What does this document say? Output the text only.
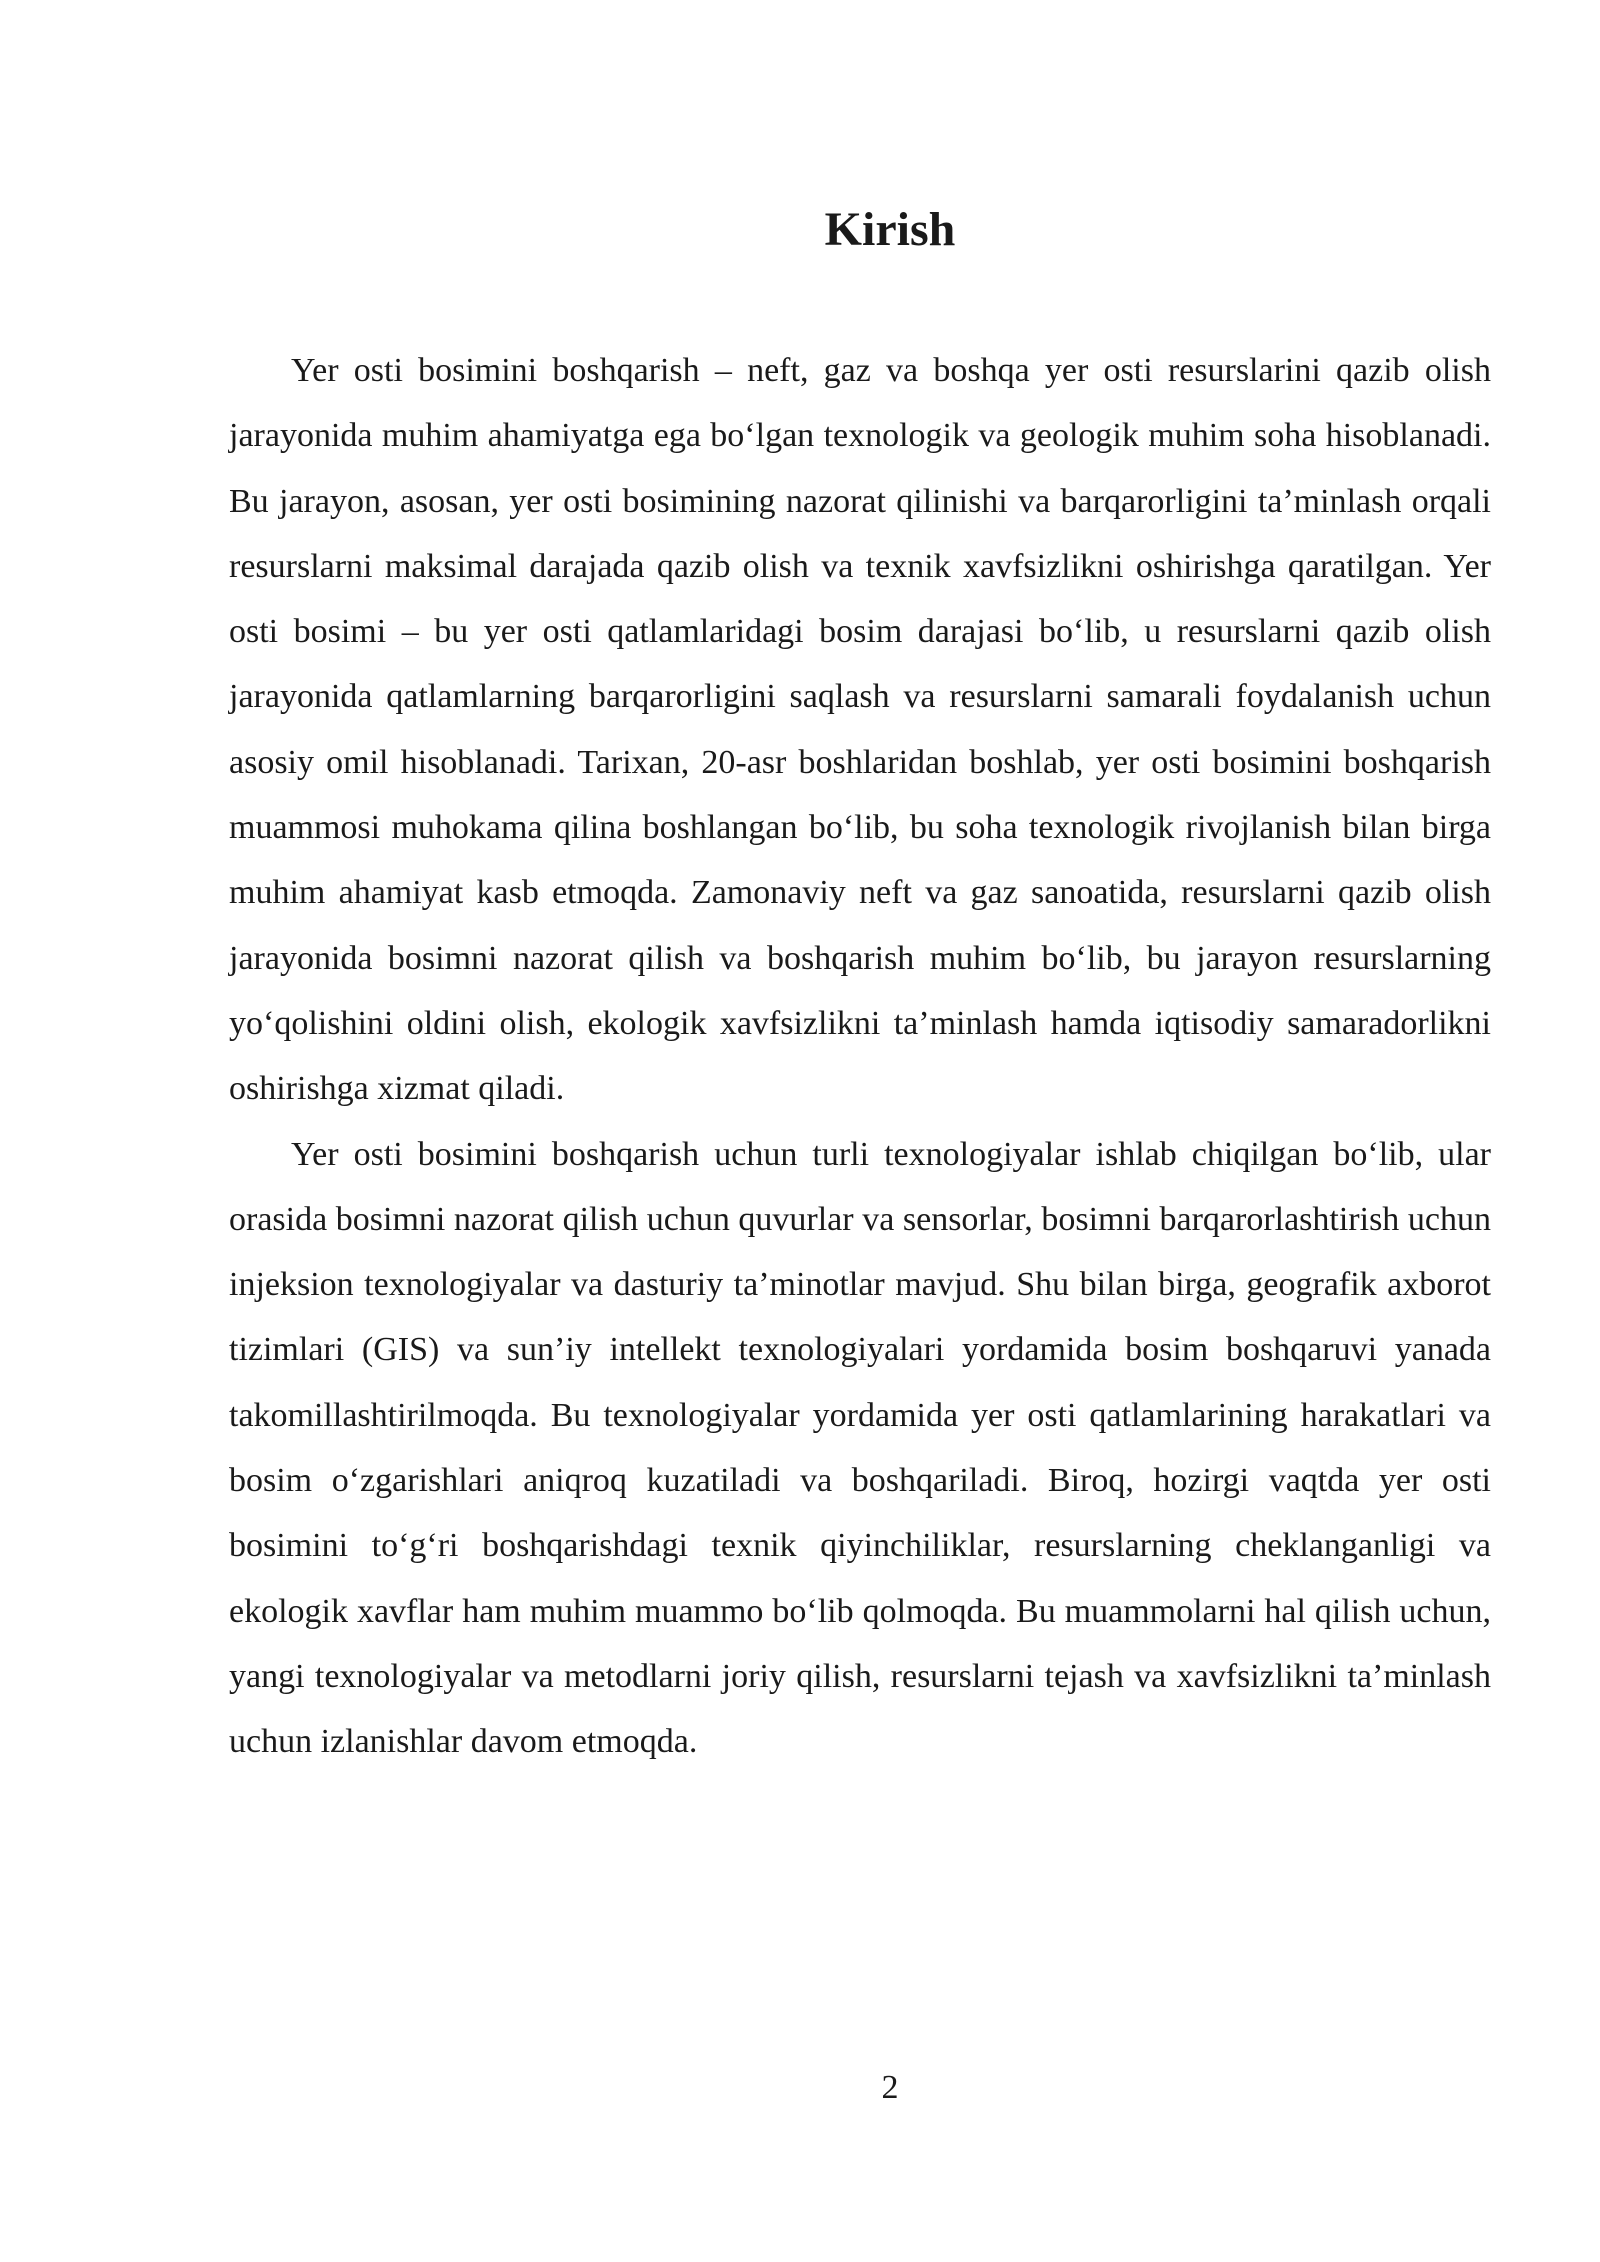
Kirish

Yer osti bosimini boshqarish – neft, gaz va boshqa yer osti resurslarini qazib olish jarayonida muhim ahamiyatga ega bo‘lgan texnologik va geologik muhim soha hisoblanadi. Bu jarayon, asosan, yer osti bosimining nazorat qilinishi va barqarorligini ta’minlash orqali resurslarni maksimal darajada qazib olish va texnik xavfsizlikni oshirishga qaratilgan. Yer osti bosimi – bu yer osti qatlamlaridagi bosim darajasi bo‘lib, u resurslarni qazib olish jarayonida qatlamlarning barqarorligini saqlash va resurslarni samarali foydalanish uchun asosiy omil hisoblanadi. Tarixan, 20-asr boshlaridan boshlab, yer osti bosimini boshqarish muammosi muhokama qilina boshlangan bo‘lib, bu soha texnologik rivojlanish bilan birga muhim ahamiyat kasb etmoqda. Zamonaviy neft va gaz sanoatida, resurslarni qazib olish jarayonida bosimni nazorat qilish va boshqarish muhim bo‘lib, bu jarayon resurslarning yo‘qolishini oldini olish, ekologik xavfsizlikni ta’minlash hamda iqtisodiy samaradorlikni oshirishga xizmat qiladi.

Yer osti bosimini boshqarish uchun turli texnologiyalar ishlab chiqilgan bo‘lib, ular orasida bosimni nazorat qilish uchun quvurlar va sensorlar, bosimni barqarorlashtirish uchun injeksion texnologiyalar va dasturiy ta’minotlar mavjud. Shu bilan birga, geografik axborot tizimlari (GIS) va sun’iy intellekt texnologiyalari yordamida bosim boshqaruvi yanada takomillashtirilmoqda. Bu texnologiyalar yordamida yer osti qatlamlarining harakatlari va bosim o‘zgarishlari aniqroq kuzatiladi va boshqariladi. Biroq, hozirgi vaqtda yer osti bosimini to‘g‘ri boshqarishdagi texnik qiyinchiliklar, resurslarning cheklanganligi va ekologik xavflar ham muhim muammo bo‘lib qolmoqda. Bu muammolarni hal qilish uchun, yangi texnologiyalar va metodlarni joriy qilish, resurslarni tejash va xavfsizlikni ta’minlash uchun izlanishlar davom etmoqda.

2
